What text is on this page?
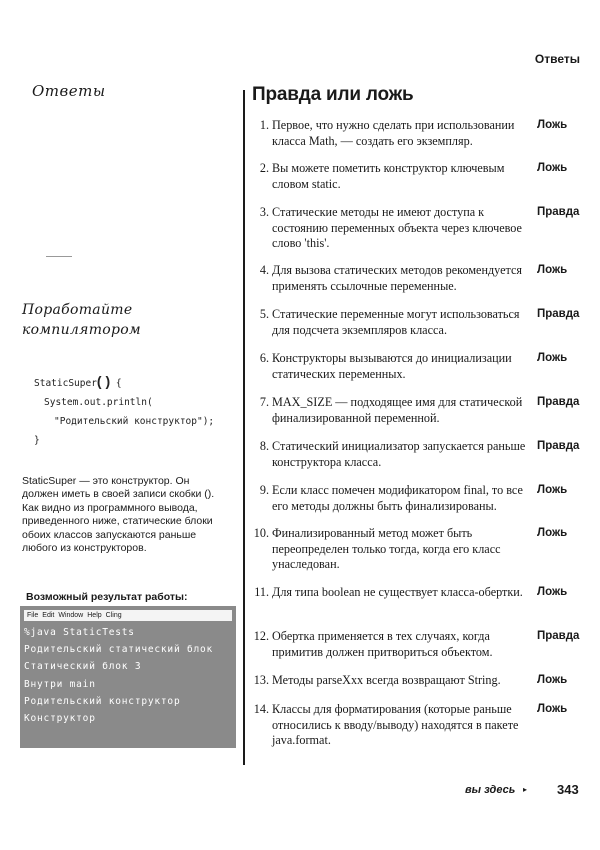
Ответы
Ответы
Поработайте
компилятором
StaticSuper( ) {
System.out.println(
"Родительский конструктор");
}
StaticSuper — это конструктор. Он должен иметь в своей записи скобки (). Как видно из программного вывода, приведенного ниже, статические блоки обоих классов запускаются раньше любого из конструкторов.
Возможный результат работы:
File Edit Window Help Cling
%java StaticTests
Родительский статический блок
Статический блок 3
Внутри main
Родительский конструктор
Конструктор
Правда или ложь
1. Первое, что нужно сделать при использовании класса Math, — создать его экземпляр.
Ложь
2. Вы можете пометить конструктор ключевым словом static.
Ложь
3. Статические методы не имеют доступа к состоянию переменных объекта через ключевое слово 'this'.
Правда
4. Для вызова статических методов рекомендуется применять ссылочные переменные.
Ложь
5. Статические переменные могут использоваться для подсчета экземпляров класса.
Правда
6. Конструкторы вызываются до инициализации статических переменных.
Ложь
7. MAX_SIZE — подходящее имя для статической финализированной переменной.
Правда
8. Статический инициализатор запускается раньше конструктора класса.
Правда
9. Если класс помечен модификатором final, то все его методы должны быть финализированы.
Ложь
10. Финализированный метод может быть переопределен только тогда, когда его класс унаследован.
Ложь
11. Для типа boolean не существует класса-обертки.	Ложь
12. Обертка применяется в тех случаях, когда примитив должен притвориться объектом.
Правда
13. Методы parseXxx всегда возвращают String.	Ложь
14. Классы для форматирования (которые раньше относились к вводу/выводу) находятся в пакете java.format.
Ложь
вы здесь ▸ 343
